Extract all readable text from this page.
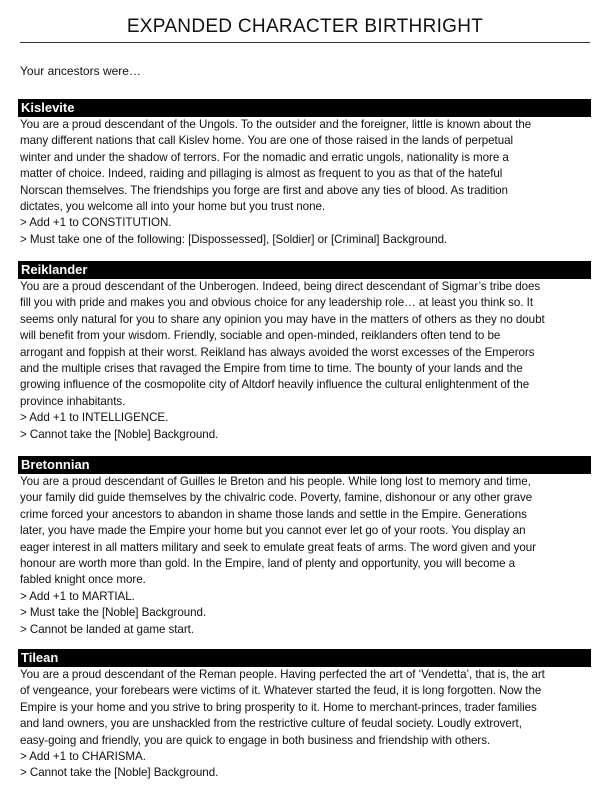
EXPANDED CHARACTER BIRTHRIGHT
Your ancestors were…
Kislevite
You are a proud descendant of the Ungols. To the outsider and the foreigner, little is known about the
many different nations that call Kislev home. You are one of those raised in the lands of perpetual
winter and under the shadow of terrors. For the nomadic and erratic ungols, nationality is more a
matter of choice. Indeed, raiding and pillaging is almost as frequent to you as that of the hateful
Norscan themselves. The friendships you forge are first and above any ties of blood. As tradition
dictates, you welcome all into your home but you trust none.
> Add +1 to CONSTITUTION.
> Must take one of the following: [Dispossessed], [Soldier] or [Criminal] Background.
Reiklander
You are a proud descendant of the Unberogen. Indeed, being direct descendant of Sigmar’s tribe does
fill you with pride and makes you and obvious choice for any leadership role… at least you think so. It
seems only natural for you to share any opinion you may have in the matters of others as they no doubt
will benefit from your wisdom. Friendly, sociable and open-minded, reiklanders often tend to be
arrogant and foppish at their worst. Reikland has always avoided the worst excesses of the Emperors
and the multiple crises that ravaged the Empire from time to time. The bounty of your lands and the
growing influence of the cosmopolite city of Altdorf heavily influence the cultural enlightenment of the
province inhabitants.
> Add +1 to INTELLIGENCE.
> Cannot take the [Noble] Background.
Bretonnian
You are a proud descendant of Guilles le Breton and his people. While long lost to memory and time,
your family did guide themselves by the chivalric code. Poverty, famine, dishonour or any other grave
crime forced your ancestors to abandon in shame those lands and settle in the Empire. Generations
later, you have made the Empire your home but you cannot ever let go of your roots. You display an
eager interest in all matters military and seek to emulate great feats of arms. The word given and your
honour are worth more than gold. In the Empire, land of plenty and opportunity, you will become a
fabled knight once more.
> Add +1 to MARTIAL.
> Must take the [Noble] Background.
> Cannot be landed at game start.
Tilean
You are a proud descendant of the Reman people. Having perfected the art of ‘Vendetta’, that is, the art
of vengeance, your forebears were victims of it. Whatever started the feud, it is long forgotten. Now the
Empire is your home and you strive to bring prosperity to it. Home to merchant-princes, trader families
and land owners, you are unshackled from the restrictive culture of feudal society. Loudly extrovert,
easy-going and friendly, you are quick to engage in both business and friendship with others.
> Add +1 to CHARISMA.
> Cannot take the [Noble] Background.
